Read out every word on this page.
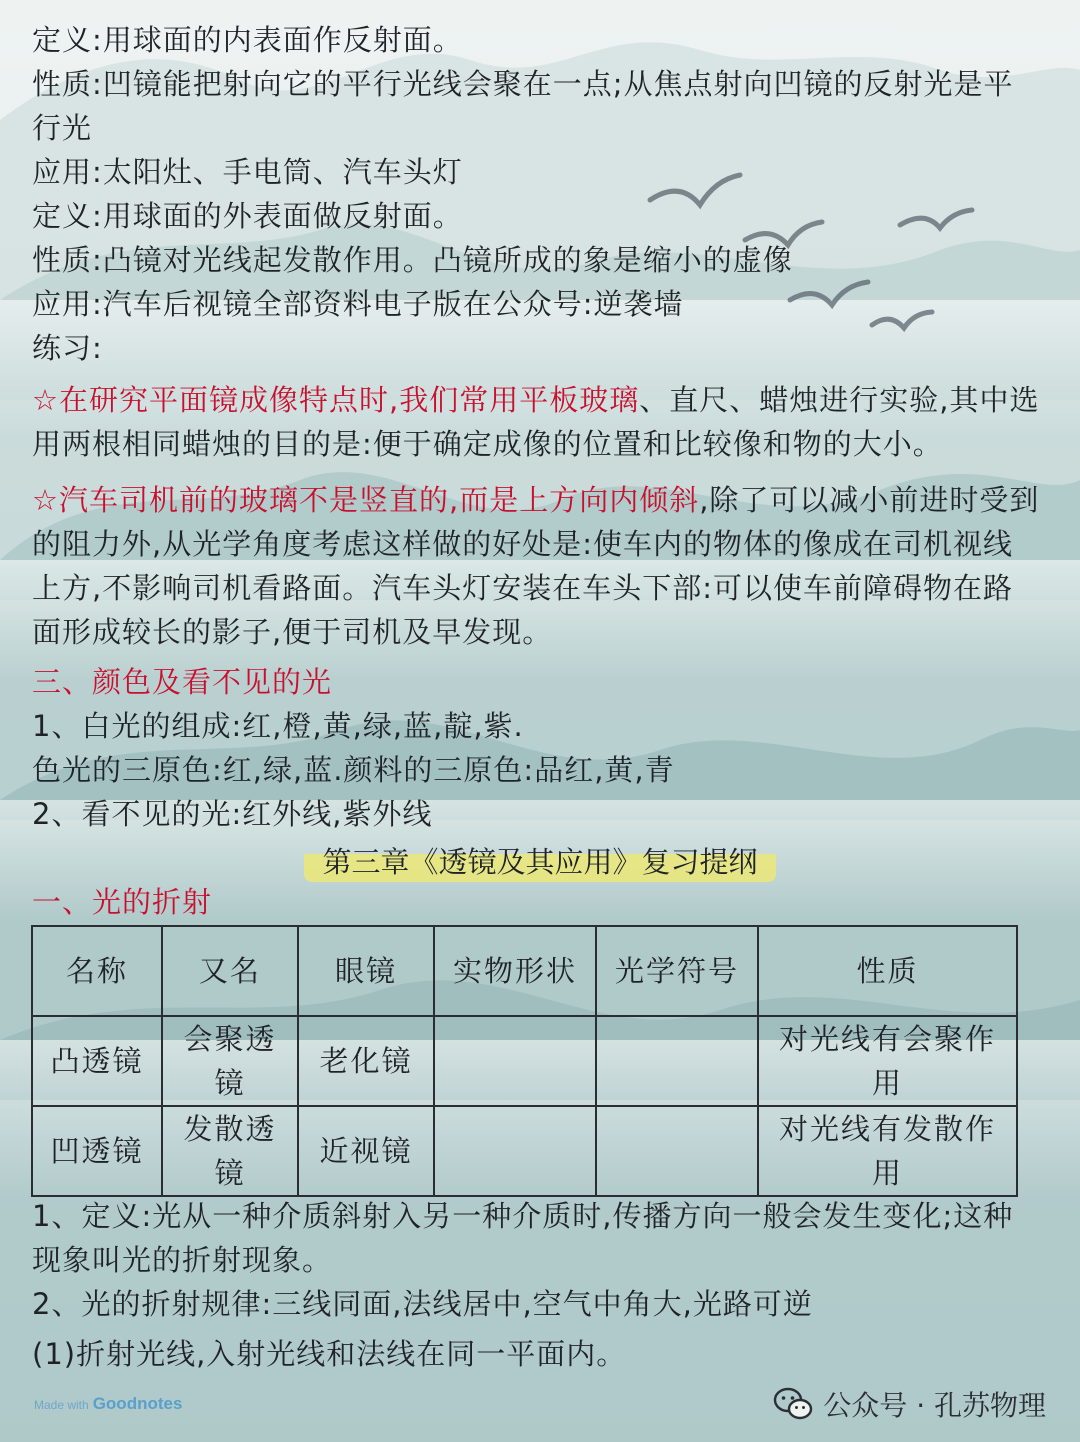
定义:用球面的内表面作反射面。
性质:凹镜能把射向它的平行光线会聚在一点;从焦点射向凹镜的反射光是平行光
应用:太阳灶、手电筒、汽车头灯
定义:用球面的外表面做反射面。
性质:凸镜对光线起发散作用。凸镜所成的象是缩小的虚像
应用:汽车后视镜全部资料电子版在公众号:逆袭墙
练习:
☆在研究平面镜成像特点时,我们常用平板玻璃、直尺、蜡烛进行实验,其中选用两根相同蜡烛的目的是:便于确定成像的位置和比较像和物的大小。
☆汽车司机前的玻璃不是竖直的,而是上方向内倾斜,除了可以减小前进时受到的阻力外,从光学角度考虑这样做的好处是:使车内的物体的像成在司机视线上方,不影响司机看路面。汽车头灯安装在车头下部:可以使车前障碍物在路面形成较长的影子,便于司机及早发现。
三、颜色及看不见的光
1、白光的组成:红,橙,黄,绿,蓝,靛,紫.
色光的三原色:红,绿,蓝.颜料的三原色:品红,黄,青
2、看不见的光:红外线,紫外线
第三章《透镜及其应用》复习提纲
一、光的折射
名称	又名	眼镜	实物形状	光学符号	性质
凸透镜	会聚透镜	老化镜			对光线有会聚作用
凹透镜	发散透镜	近视镜			对光线有发散作用
1、定义:光从一种介质斜射入另一种介质时,传播方向一般会发生变化;这种现象叫光的折射现象。
2、光的折射规律:三线同面,法线居中,空气中角大,光路可逆
(1)折射光线,入射光线和法线在同一平面内。
Made with Goodnotes	公众号 · 孔苏物理
